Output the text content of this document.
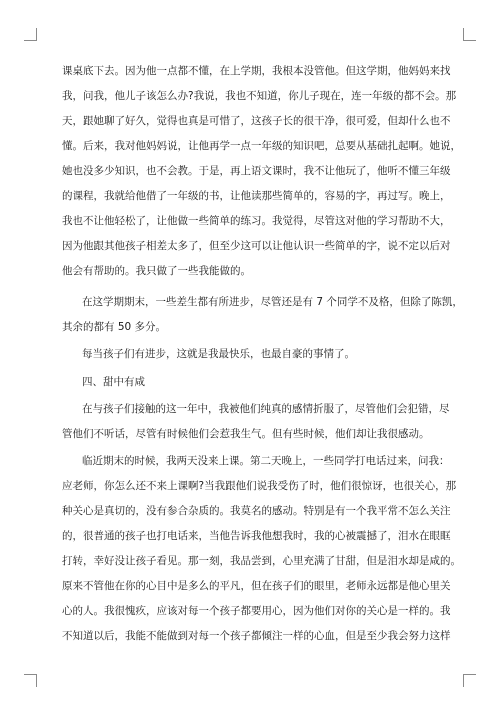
课桌底下去。因为他一点都不懂，在上学期，我根本没管他。但这学期，他妈妈来找
我，问我，他儿子该怎么办?我说，我也不知道，你儿子现在，连一年级的都不会。那
天，跟她聊了好久，觉得也真是可惜了，这孩子长的很干净，很可爱，但却什么也不
懂。后来，我对他妈妈说，让他再学一点一年级的知识吧，总要从基础扎起啊。她说，
她也没多少知识，也不会教。于是，再上语文课时，我不让他玩了，他听不懂三年级
的课程，我就给他借了一年级的书，让他读那些简单的，容易的字，再过写。晚上，
我也不让他轻松了，让他做一些简单的练习。我觉得，尽管这对他的学习帮助不大，
因为他跟其他孩子相差太多了，但至少这可以让他认识一些简单的字，说不定以后对
他会有帮助的。我只做了一些我能做的。
在这学期期末，一些差生都有所进步，尽管还是有 7 个同学不及格，但除了陈凯，
其余的都有 50 多分。
每当孩子们有进步，这就是我最快乐，也最自豪的事情了。
四、甜中有咸
在与孩子们接触的这一年中，我被他们纯真的感情折服了，尽管他们会犯错，尽
管他们不听话，尽管有时候他们会惹我生气。但有些时候，他们却让我很感动。
临近期末的时候，我两天没来上课。第二天晚上，一些同学打电话过来，问我：
应老师，你怎么还不来上课啊?当我跟他们说我受伤了时，他们很惊讶，也很关心，那
种关心是真切的，没有参合杂质的。我莫名的感动。特别是有一个我平常不怎么关注
的，很普通的孩子也打电话来，当他告诉我他想我时，我的心被震撼了，泪水在眼眶
打转，幸好没让孩子看见。那一刻，我品尝到，心里充满了甘甜，但是泪水却是咸的。
原来不管他在你的心目中是多么的平凡，但在孩子们的眼里，老师永远都是他心里关
心的人。我很愧疚，应该对每一个孩子都要用心，因为他们对你的关心是一样的。我
不知道以后，我能不能做到对每一个孩子都倾注一样的心血，但是至少我会努力这样
